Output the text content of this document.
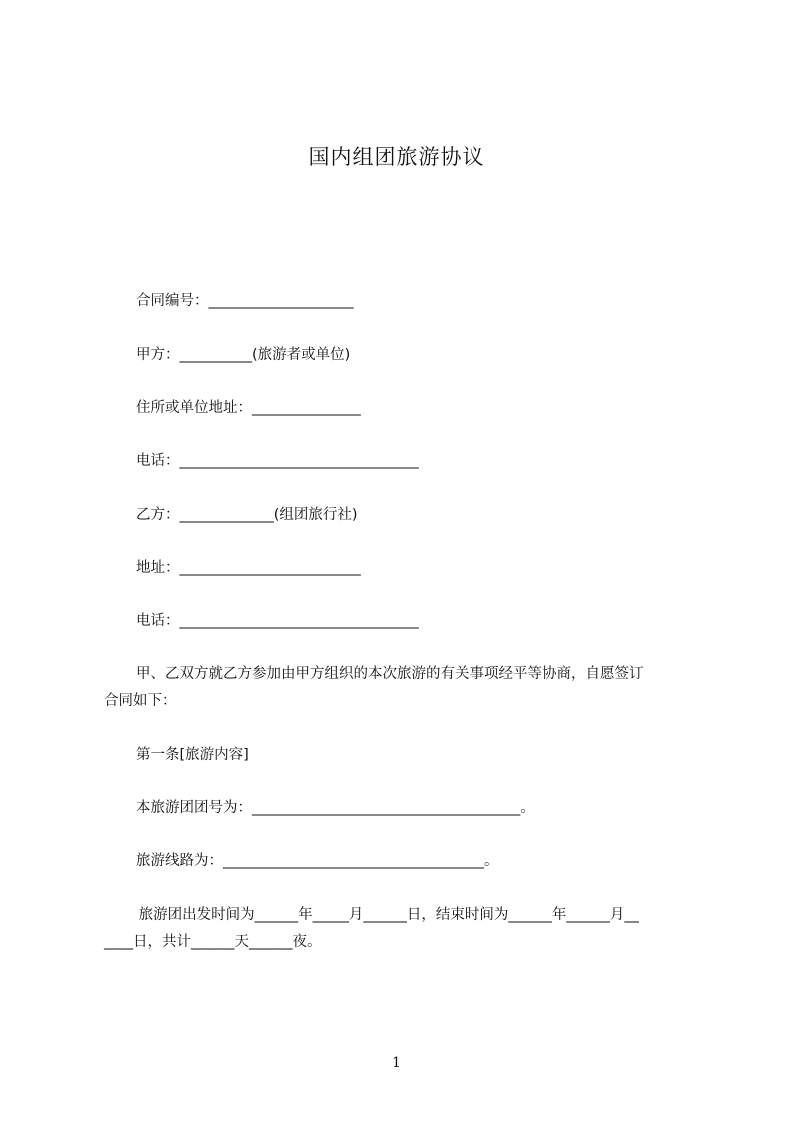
国内组团旅游协议
合同编号：____________________
甲方：__________(旅游者或单位)
住所或单位地址：_______________
电话：_________________________________
乙方：_____________(组团旅行社)
地址：_________________________
电话：_________________________________
甲、乙双方就乙方参加由甲方组织的本次旅游的有关事项经平等协商，自愿签订
合同如下：
第一条[旅游内容]
本旅游团团号为：_____________________________________。
旅游线路为：____________________________________。
旅游团出发时间为______年_____月______日，结束时间为______年______月__
____日，共计______天______夜。
1
